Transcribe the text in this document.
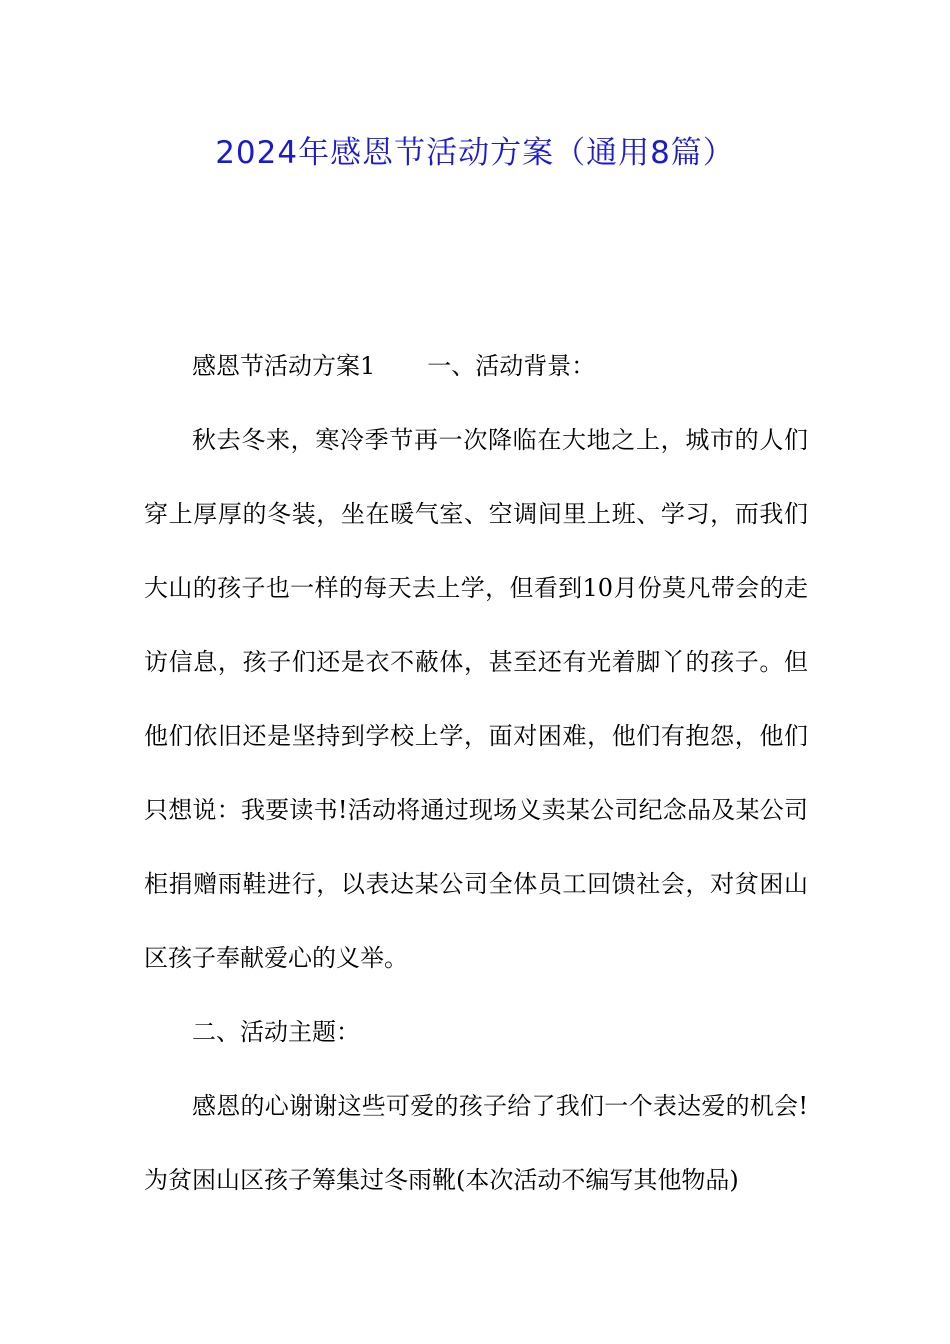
2024年感恩节活动方案（通用8篇）

感恩节活动方案1 一、活动背景：

秋去冬来，寒冷季节再一次降临在大地之上，城市的人们穿上厚厚的冬装，坐在暖气室、空调间里上班、学习，而我们大山的孩子也一样的每天去上学，但看到10月份莫凡带会的走访信息，孩子们还是衣不蔽体，甚至还有光着脚丫的孩子。但他们依旧还是坚持到学校上学，面对困难，他们有抱怨，他们只想说：我要读书!活动将通过现场义卖某公司纪念品及某公司柜捐赠雨鞋进行，以表达某公司全体员工回馈社会，对贫困山区孩子奉献爱心的义举。

二、活动主题：

感恩的心谢谢这些可爱的孩子给了我们一个表达爱的机会!为贫困山区孩子筹集过冬雨靴(本次活动不编写其他物品)
